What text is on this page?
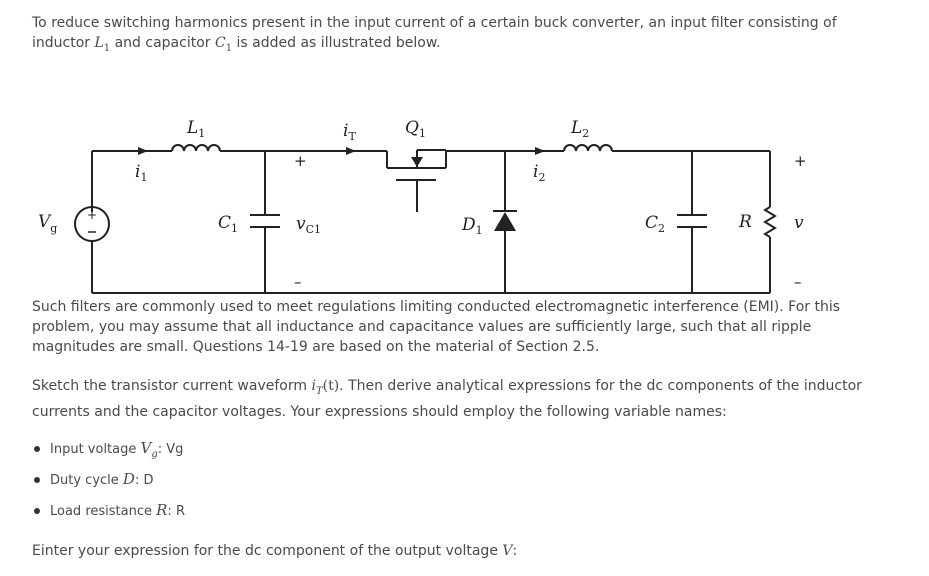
To reduce switching harmonics present in the input current of a certain buck converter, an input filter consisting of inductor $L_1$ and capacitor $C_1$ is added as illustrated below.
+
$L_1$	$L_2$
$Q_1$
$i_T$
$i_1$	$i_2$
$C_1$	$C_2$
$D_1$
$v_{C1}$
$V_g$	R v
+
–
+
–
Such filters are commonly used to meet regulations limiting conducted electromagnetic interference (EMI). For this problem, you may assume that all inductance and capacitance values are sufficiently large, such that all ripple magnitudes are small. Questions 14-19 are based on the material of Section 2.5.
Sketch the transistor current waveform $i_T(t)$. Then derive analytical expressions for the dc components of the inductor currents and the capacitor voltages. Your expressions should employ the following variable names:
Input voltage $V_g$: Vg
Duty cycle D: D
Load resistance R: R
Einter your expression for the dc component of the output voltage V:
